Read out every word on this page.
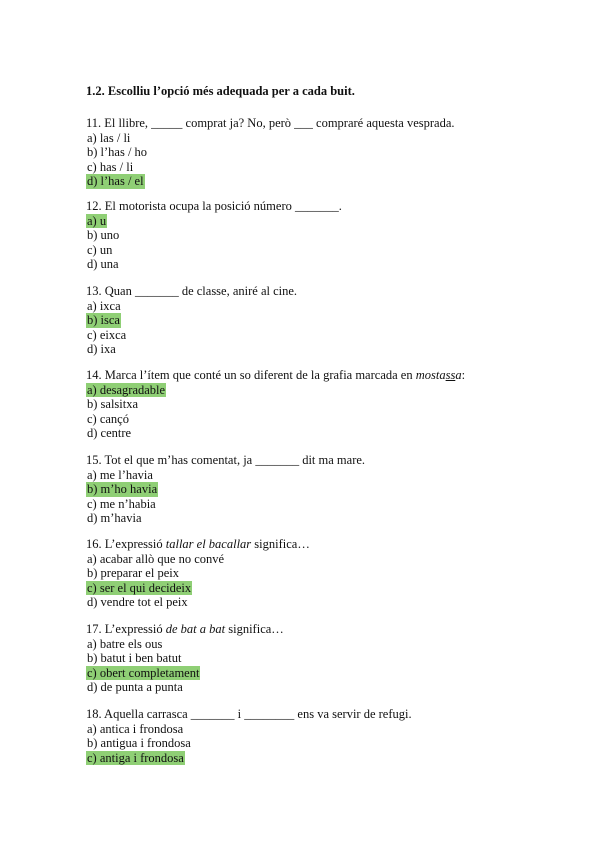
1.2. Escolliu l’opció més adequada per a cada buit.
11. El llibre, _____ comprat ja? No, però ___ compraré aquesta vesprada.
a) las / li
b) l’has / ho
c) has / li
d) l’has / el
12. El motorista ocupa la posició número _______.
a) u
b) uno
c) un
d) una
13. Quan _______ de classe, aniré al cine.
a) ixca
b) isca
c) eixca
d) ixa
14. Marca l’ítem que conté un so diferent de la grafia marcada en mostassa:
a) desagradable
b) salsitxa
c) cançó
d) centre
15. Tot el que m’has comentat, ja _______ dit ma mare.
a) me l’havia
b) m’ho havia
c) me n’habia
d) m’havia
16. L’expressió tallar el bacallar significa…
a) acabar allò que no convé
b) preparar el peix
c) ser el qui decideix
d) vendre tot el peix
17. L’expressió de bat a bat significa…
a) batre els ous
b) batut i ben batut
c) obert completament
d) de punta a punta
18. Aquella carrasca _______ i ________ ens va servir de refugi.
a) antica i frondosa
b) antigua i frondosa
c) antiga i frondosa
